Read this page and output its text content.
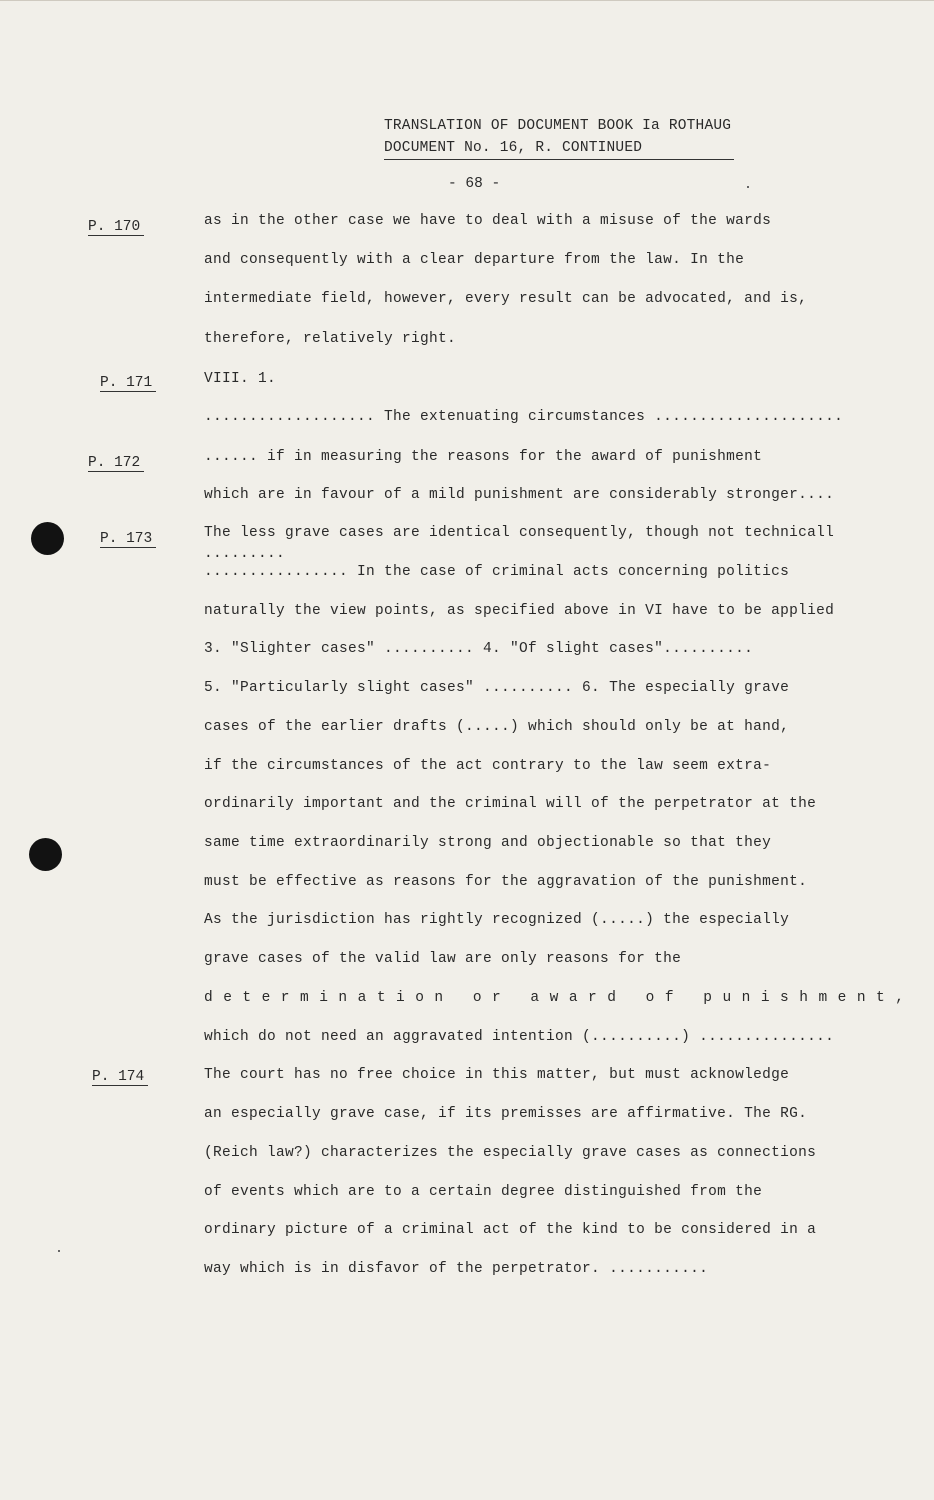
TRANSLATION OF DOCUMENT BOOK Ia ROTHAUG
DOCUMENT No. 16, R. CONTINUED
- 68 -
P. 170
P. 171
P. 172
P. 173
P. 174
as in the other case we have to deal with a misuse of the wards
and consequently with a clear departure from the law. In the
intermediate field, however, every result can be advocated, and is,
therefore, relatively right.
VIII. 1.
................... The extenuating circumstances .....................
...... if in measuring the reasons for the award of punishment
which are in favour of a mild punishment are considerably stronger....
The less grave cases are identical consequently, though not technicall
.........
................ In the case of criminal acts concerning politics
naturally the view points, as specified above in VI have to be applied
3. "Slighter cases" .......... 4. "Of slight cases"..........
5. "Particularly slight cases" .......... 6. The especially grave
cases of the earlier drafts (.....) which should only be at hand,
if the circumstances of the act contrary to the law seem extra-
ordinarily important and the criminal will of the perpetrator at the
same time extraordinarily strong and objectionable so that they
must be effective as reasons for the aggravation of the punishment.
As the jurisdiction has rightly recognized (.....) the especially
grave cases of the valid law are only reasons for the
determination or award of punishment,
which do not need an aggravated intention (..........) ...............
The court has no free choice in this matter, but must acknowledge
an especially grave case, if its premisses are affirmative. The RG.
(Reich law?) characterizes the especially grave cases as connections
of events which are to a certain degree distinguished from the
ordinary picture of a criminal act of the kind to be considered in a
way which is in disfavor of the perpetrator. ...........
